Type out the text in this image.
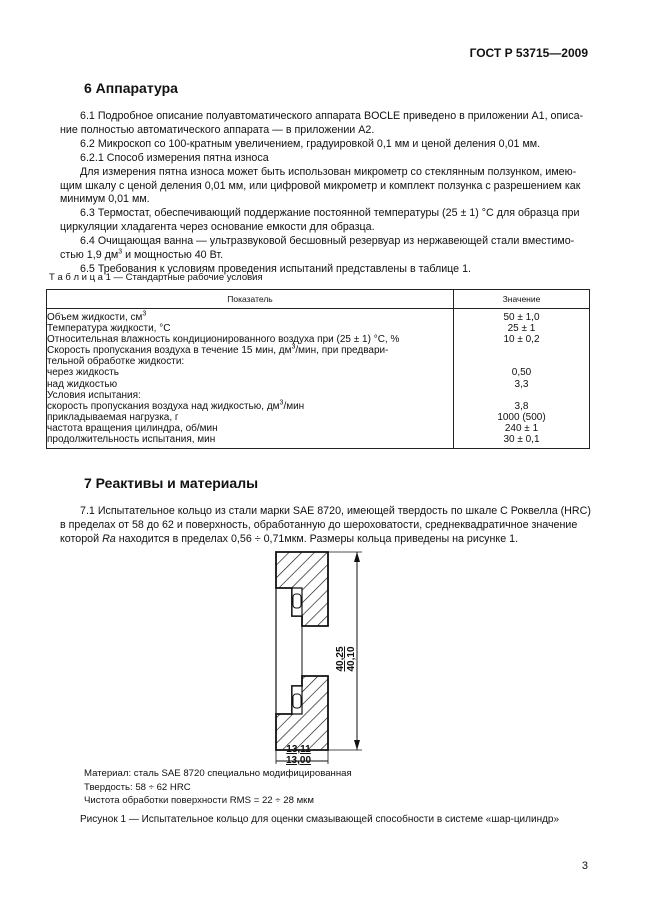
ГОСТ Р 53715—2009
6 Аппаратура
6.1 Подробное описание полуавтоматического аппарата BOCLE приведено в приложении А1, описа-
ние полностью автоматического аппарата — в приложении А2.
6.2 Микроскоп со 100-кратным увеличением, градуировкой 0,1 мм и ценой деления 0,01 мм.
6.2.1 Способ измерения пятна износа
Для измерения пятна износа может быть использован микрометр со стеклянным ползунком, имею-
щим шкалу с ценой деления 0,01 мм, или цифровой микрометр и комплект ползунка с разрешением как
минимум 0,01 мм.
6.3 Термостат, обеспечивающий поддержание постоянной температуры (25 ± 1) °С для образца при
циркуляции хладагента через основание емкости для образца.
6.4 Очищающая ванна — ультразвуковой бесшовный резервуар из нержавеющей стали вместимо-
стью 1,9 $дм^3$ и мощностью 40 Вт.
6.5 Требования к условиям проведения испытаний представлены в таблице 1.
Т а б л и ц а 1 — Стандартные рабочие условия
Показатель	Значение
Объем жидкости, $см^3$	50 ± 1,0
Температура жидкости, °С	25 ± 1
Относительная влажность кондиционированного воздуха при (25 ± 1) °С, %	10 ± 0,2
Скорость пропускания воздуха в течение 15 мин, $дм^3$/мин, при предвари-	
тельной обработке жидкости:	
через жидкость	0,50
над жидкостью	3,3
Условия испытания:	
скорость пропускания воздуха над жидкостью, $дм^3$/мин	3,8
прикладываемая нагрузка, г	1000 (500)
частота вращения цилиндра, об/мин	240 ± 1
продолжительность испытания, мин	30 ± 0,1
7 Реактивы и материалы
7.1 Испытательное кольцо из стали марки SAE 8720, имеющей твердость по шкале С Роквелла (HRC)
в пределах от 58 до 62 и поверхность, обработанную до шероховатости, среднеквадратичное значение
которой Ra находится в пределах 0,56 ÷ 0,71мкм. Размеры кольца приведены на рисунке 1.
40,25 40,10
13,11
13,00
Материал: сталь SAE 8720 специально модифицированная
Твердость: 58 ÷ 62 HRC
Чистота обработки поверхности RMS = 22 ÷ 28 мкм
Рисунок 1 — Испытательное кольцо для оценки смазывающей способности в системе «шар-цилиндр»
3
